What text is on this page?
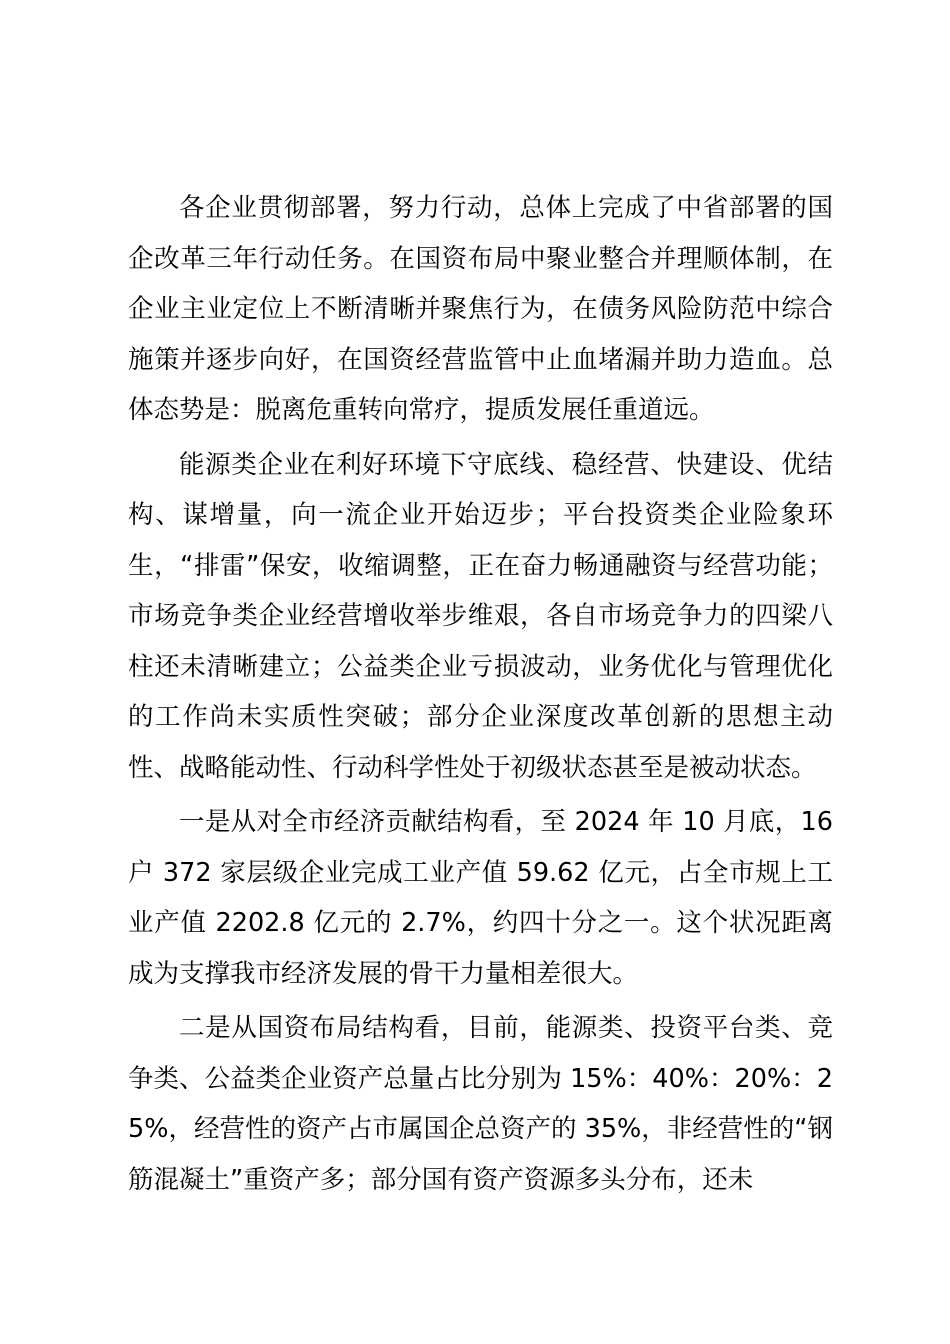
各企业贯彻部署，努力行动，总体上完成了中省部署的国企改革三年行动任务。在国资布局中聚业整合并理顺体制，在企业主业定位上不断清晰并聚焦行为，在债务风险防范中综合施策并逐步向好，在国资经营监管中止血堵漏并助力造血。总体态势是：脱离危重转向常疗，提质发展任重道远。

能源类企业在利好环境下守底线、稳经营、快建设、优结构、谋增量，向一流企业开始迈步；平台投资类企业险象环生，“排雷”保安，收缩调整，正在奋力畅通融资与经营功能；市场竞争类企业经营增收举步维艰，各自市场竞争力的四梁八柱还未清晰建立；公益类企业亏损波动，业务优化与管理优化的工作尚未实质性突破；部分企业深度改革创新的思想主动性、战略能动性、行动科学性处于初级状态甚至是被动状态。

一是从对全市经济贡献结构看，至 2024 年 10 月底，16 户 372 家层级企业完成工业产值 59.62 亿元，占全市规上工业产值 2202.8 亿元的 2.7%，约四十分之一。这个状况距离成为支撑我市经济发展的骨干力量相差很大。

二是从国资布局结构看，目前，能源类、投资平台类、竞争类、公益类企业资产总量占比分别为 15%：40%：20%：25%，经营性的资产占市属国企总资产的 35%，非经营性的“钢筋混凝土”重资产多；部分国有资产资源多头分布，还未
